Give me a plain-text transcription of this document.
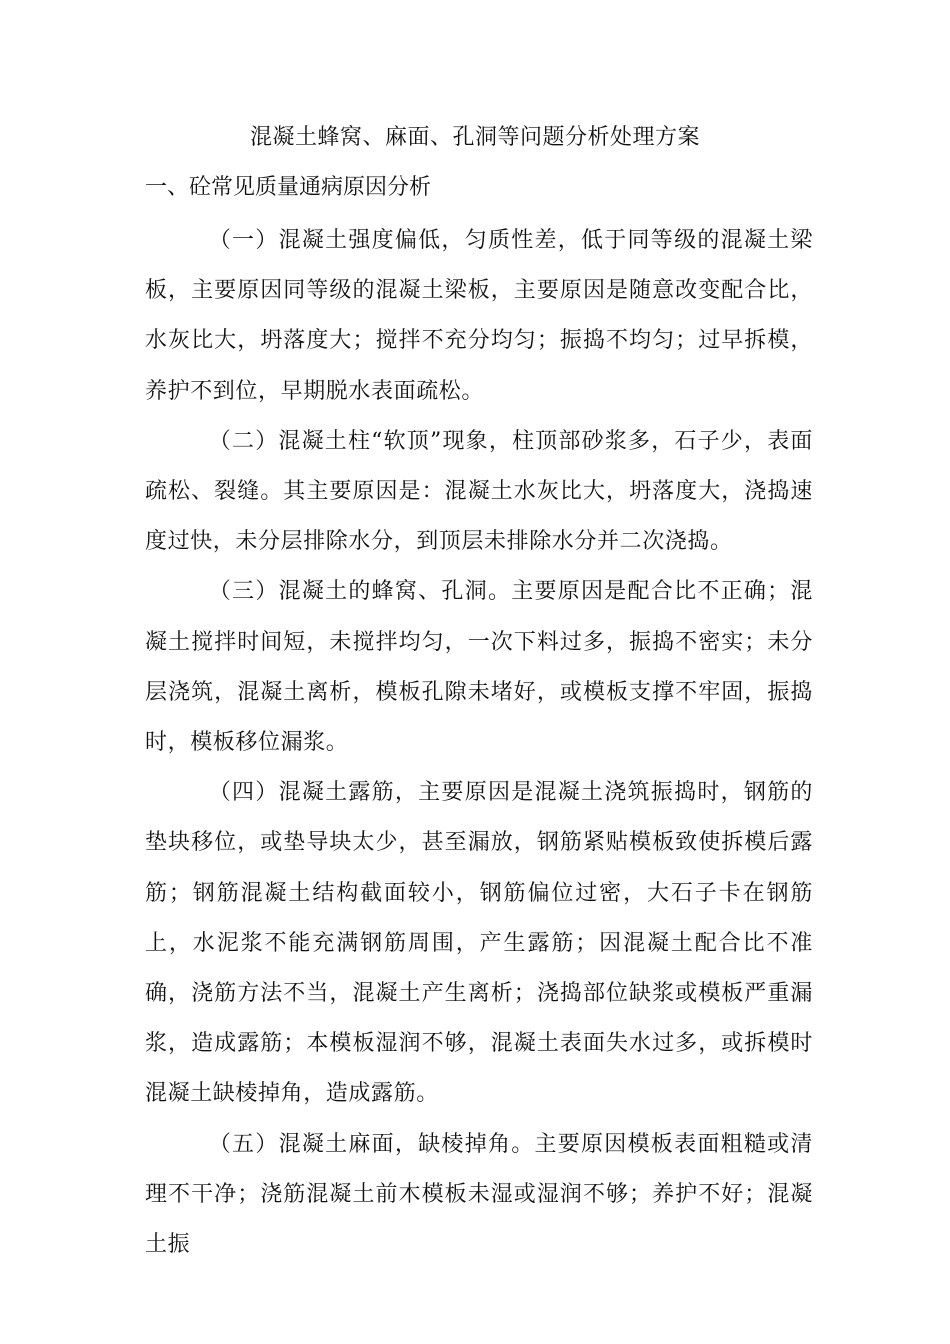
混凝土蜂窝、麻面、孔洞等问题分析处理方案
一、砼常见质量通病原因分析

（一）混凝土强度偏低，匀质性差，低于同等级的混凝土梁板，主要原因同等级的混凝土梁板，主要原因是随意改变配合比，水灰比大，坍落度大；搅拌不充分均匀；振捣不均匀；过早拆模，养护不到位，早期脱水表面疏松。

（二）混凝土柱“软顶”现象，柱顶部砂浆多，石子少，表面疏松、裂缝。其主要原因是：混凝土水灰比大，坍落度大，浇捣速度过快，未分层排除水分，到顶层未排除水分并二次浇捣。

（三）混凝土的蜂窝、孔洞。主要原因是配合比不正确；混凝土搅拌时间短，未搅拌均匀，一次下料过多，振捣不密实；未分层浇筑，混凝土离析，模板孔隙未堵好，或模板支撑不牢固，振捣时，模板移位漏浆。

（四）混凝土露筋，主要原因是混凝土浇筑振捣时，钢筋的垫块移位，或垫导块太少，甚至漏放，钢筋紧贴模板致使拆模后露筋；钢筋混凝土结构截面较小，钢筋偏位过密，大石子卡在钢筋上，水泥浆不能充满钢筋周围，产生露筋；因混凝土配合比不准确，浇筋方法不当，混凝土产生离析；浇捣部位缺浆或模板严重漏浆，造成露筋；本模板湿润不够，混凝土表面失水过多，或拆模时混凝土缺棱掉角，造成露筋。

（五）混凝土麻面，缺棱掉角。主要原因模板表面粗糙或清理不干净；浇筋混凝土前木模板未湿或湿润不够；养护不好；混凝土振
